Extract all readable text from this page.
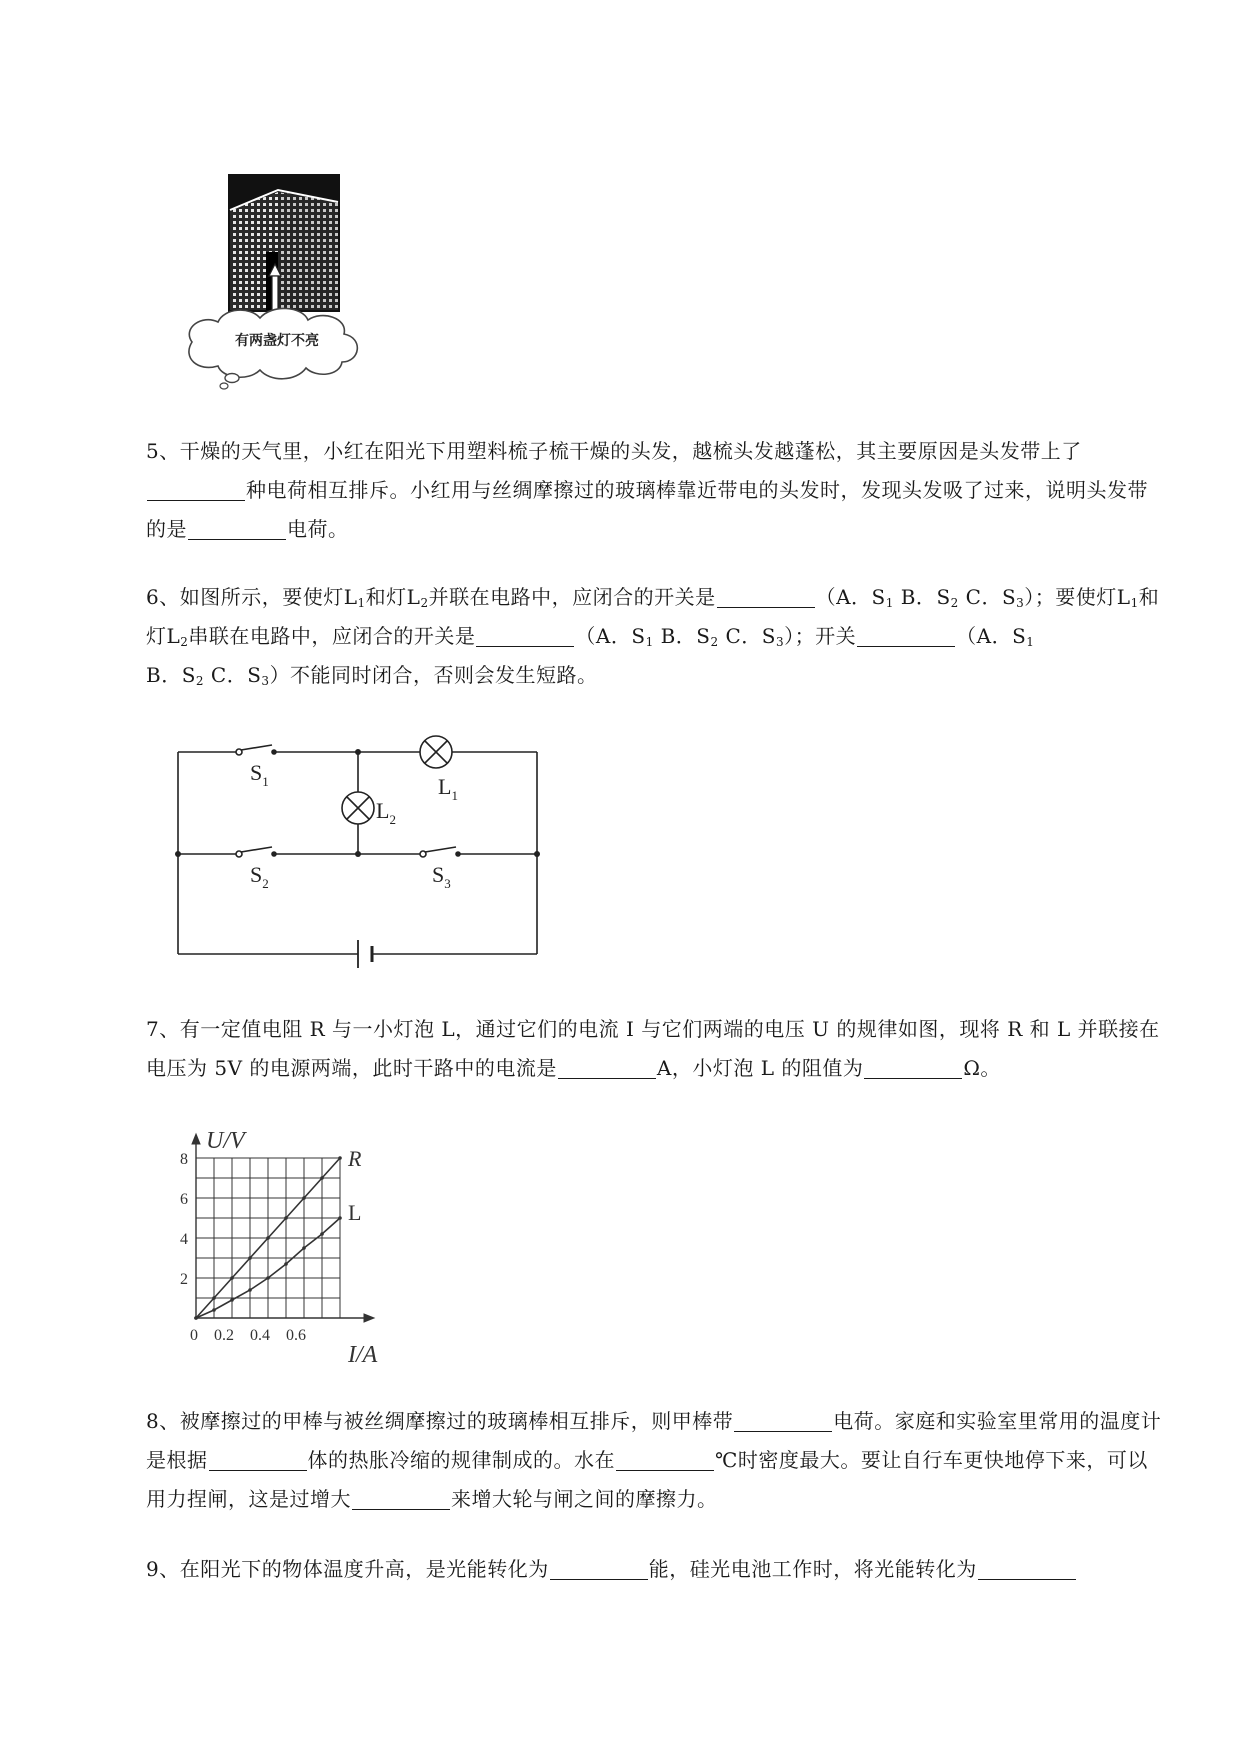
有两盏灯不亮
5、干燥的天气里，小红在阳光下用塑料梳子梳干燥的头发，越梳头发越蓬松，其主要原因是头发带上了种电荷相互排斥。小红用与丝绸摩擦过的玻璃棒靠近带电的头发时，发现头发吸了过来，说明头发带的是	电荷。
6、如图所示，要使灯$L_1$和灯$L_2$并联在电路中，应闭合的开关是	（A．$S_1$ B．$S_2$ C．$S_3$）；要使灯$L_1$和灯$L_2$串联在电路中，应闭合的开关是	（A．$S_1$ B．$S_2$ C．$S_3$）；开关	（A．$S_1$
B．$S_2$ C．$S_3$）不能同时闭合，否则会发生短路。
$S_1$	$L_1$
$L_2$
$S_2$	$S_3$
7、有一定值电阻 R 与一小灯泡 L，通过它们的电流 I 与它们两端的电压 U 的规律如图，现将 R 和 L 并联接在电压为 5V 的电源两端，此时干路中的电流是	A，小灯泡 L 的阻值为	Ω。
R
L
0 0.2 0.4 0.6
2
4
6
8
I/A
U/V
8、被摩擦过的甲棒与被丝绸摩擦过的玻璃棒相互排斥，则甲棒带	电荷。家庭和实验室里常用的温度计是根据	体的热胀冷缩的规律制成的。水在	℃时密度最大。要让自行车更快地停下来，可以用力捏闸，这是过增大	来增大轮与闸之间的摩擦力。
9、在阳光下的物体温度升高，是光能转化为	能，硅光电池工作时，将光能转化为
